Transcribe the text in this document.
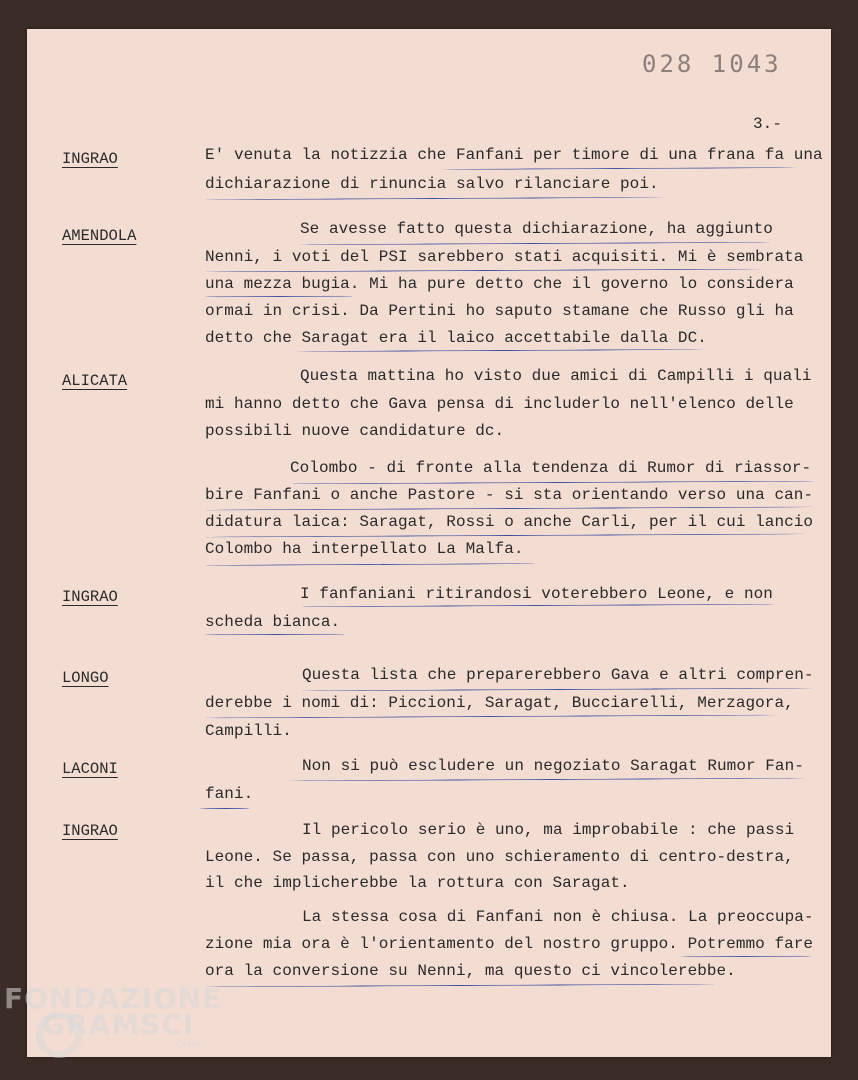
028 1043
3.-
INGRAO
AMENDOLA
ALICATA
INGRAO
LONGO
LACONI
INGRAO
E' venuta la notizzia che Fanfani per timore di una frana fa una
dichiarazione di rinuncia salvo rilanciare poi.
Se avesse fatto questa dichiarazione, ha aggiunto
Nenni, i voti del PSI sarebbero stati acquisiti. Mi è sembrata
una mezza bugia. Mi ha pure detto che il governo lo considera
ormai in crisi. Da Pertini ho saputo stamane che Russo gli ha
detto che Saragat era il laico accettabile dalla DC.
Questa mattina ho visto due amici di Campilli i quali
mi hanno detto che Gava pensa di includerlo nell'elenco delle
possibili nuove candidature dc.
Colombo - di fronte alla tendenza di Rumor di riassor-
bire Fanfani o anche Pastore - si sta orientando verso una can-
didatura laica: Saragat, Rossi o anche Carli, per il cui lancio
Colombo ha interpellato La Malfa.
I fanfaniani ritirandosi voterebbero Leone, e non
scheda bianca.
Questa lista che preparerebbero Gava e altri compren-
derebbe i nomi di: Piccioni, Saragat, Bucciarelli, Merzagora,
Campilli.
Non si può escludere un negoziato Saragat Rumor Fan-
fani.
Il pericolo serio è uno, ma improbabile : che passi
Leone. Se passa, passa con uno schieramento di centro-destra,
il che implicherebbe la rottura con Saragat.
La stessa cosa di Fanfani non è chiusa. La preoccupa-
zione mia ora è l'orientamento del nostro gruppo. Potremmo fare
ora la conversione su Nenni, ma questo ci vincolerebbe.
FONDAZIONE
GRAMSCI
Onlus
